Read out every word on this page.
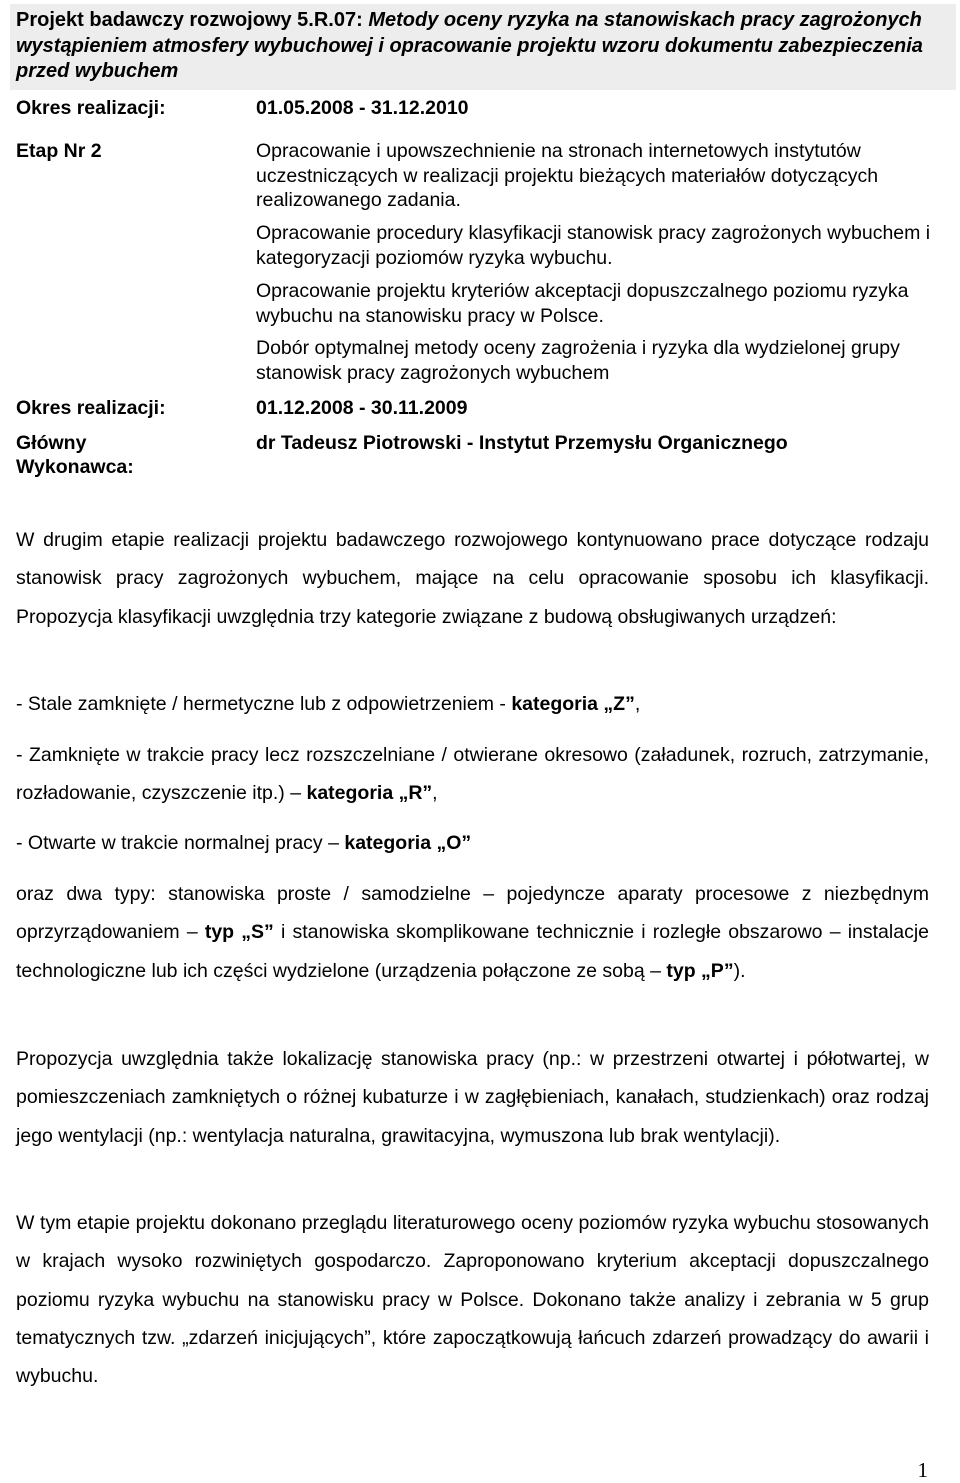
Projekt badawczy rozwojowy 5.R.07: Metody oceny ryzyka na stanowiskach pracy zagrożonych wystąpieniem atmosfery wybuchowej i opracowanie projektu wzoru dokumentu zabezpieczenia przed wybuchem
Okres realizacji:	01.05.2008 - 31.12.2010
Etap Nr 2	Opracowanie i upowszechnienie na stronach internetowych instytutów uczestniczących w realizacji projektu bieżących materiałów dotyczących realizowanego zadania.

Opracowanie procedury klasyfikacji stanowisk pracy zagrożonych wybuchem i kategoryzacji poziomów ryzyka wybuchu.

Opracowanie projektu kryteriów akceptacji dopuszczalnego poziomu ryzyka wybuchu na stanowisku pracy w Polsce.

Dobór optymalnej metody oceny zagrożenia i ryzyka dla wydzielonej grupy stanowisk pracy zagrożonych wybuchem

Okres realizacji:	01.12.2008 - 30.11.2009
Główny
Wykonawca:
dr Tadeusz Piotrowski - Instytut Przemysłu Organicznego

W drugim etapie realizacji projektu badawczego rozwojowego kontynuowano prace dotyczące rodzaju stanowisk pracy zagrożonych wybuchem, mające na celu opracowanie sposobu ich klasyfikacji. Propozycja klasyfikacji uwzględnia trzy kategorie związane z budową obsługiwanych urządzeń:

- Stale zamknięte / hermetyczne lub z odpowietrzeniem - kategoria „Z”,

- Zamknięte w trakcie pracy lecz rozszczelniane / otwierane okresowo (załadunek, rozruch, zatrzymanie, rozładowanie, czyszczenie itp.) – kategoria „R”,

- Otwarte w trakcie normalnej pracy – kategoria „O”

oraz dwa typy: stanowiska proste / samodzielne – pojedyncze aparaty procesowe z niezbędnym oprzyrządowaniem – typ „S” i stanowiska skomplikowane technicznie i rozległe obszarowo – instalacje technologiczne lub ich części wydzielone (urządzenia połączone ze sobą – typ „P”).

Propozycja uwzględnia także lokalizację stanowiska pracy (np.: w przestrzeni otwartej i półotwartej, w pomieszczeniach zamkniętych o różnej kubaturze i w zagłębieniach, kanałach, studzienkach) oraz rodzaj jego wentylacji (np.: wentylacja naturalna, grawitacyjna, wymuszona lub brak wentylacji).

W tym etapie projektu dokonano przeglądu literaturowego oceny poziomów ryzyka wybuchu stosowanych w krajach wysoko rozwiniętych gospodarczo. Zaproponowano kryterium akceptacji dopuszczalnego poziomu ryzyka wybuchu na stanowisku pracy w Polsce. Dokonano także analizy i zebrania w 5 grup tematycznych tzw. „zdarzeń inicjujących”, które zapoczątkowują łańcuch zdarzeń prowadzący do awarii i wybuchu.

1
